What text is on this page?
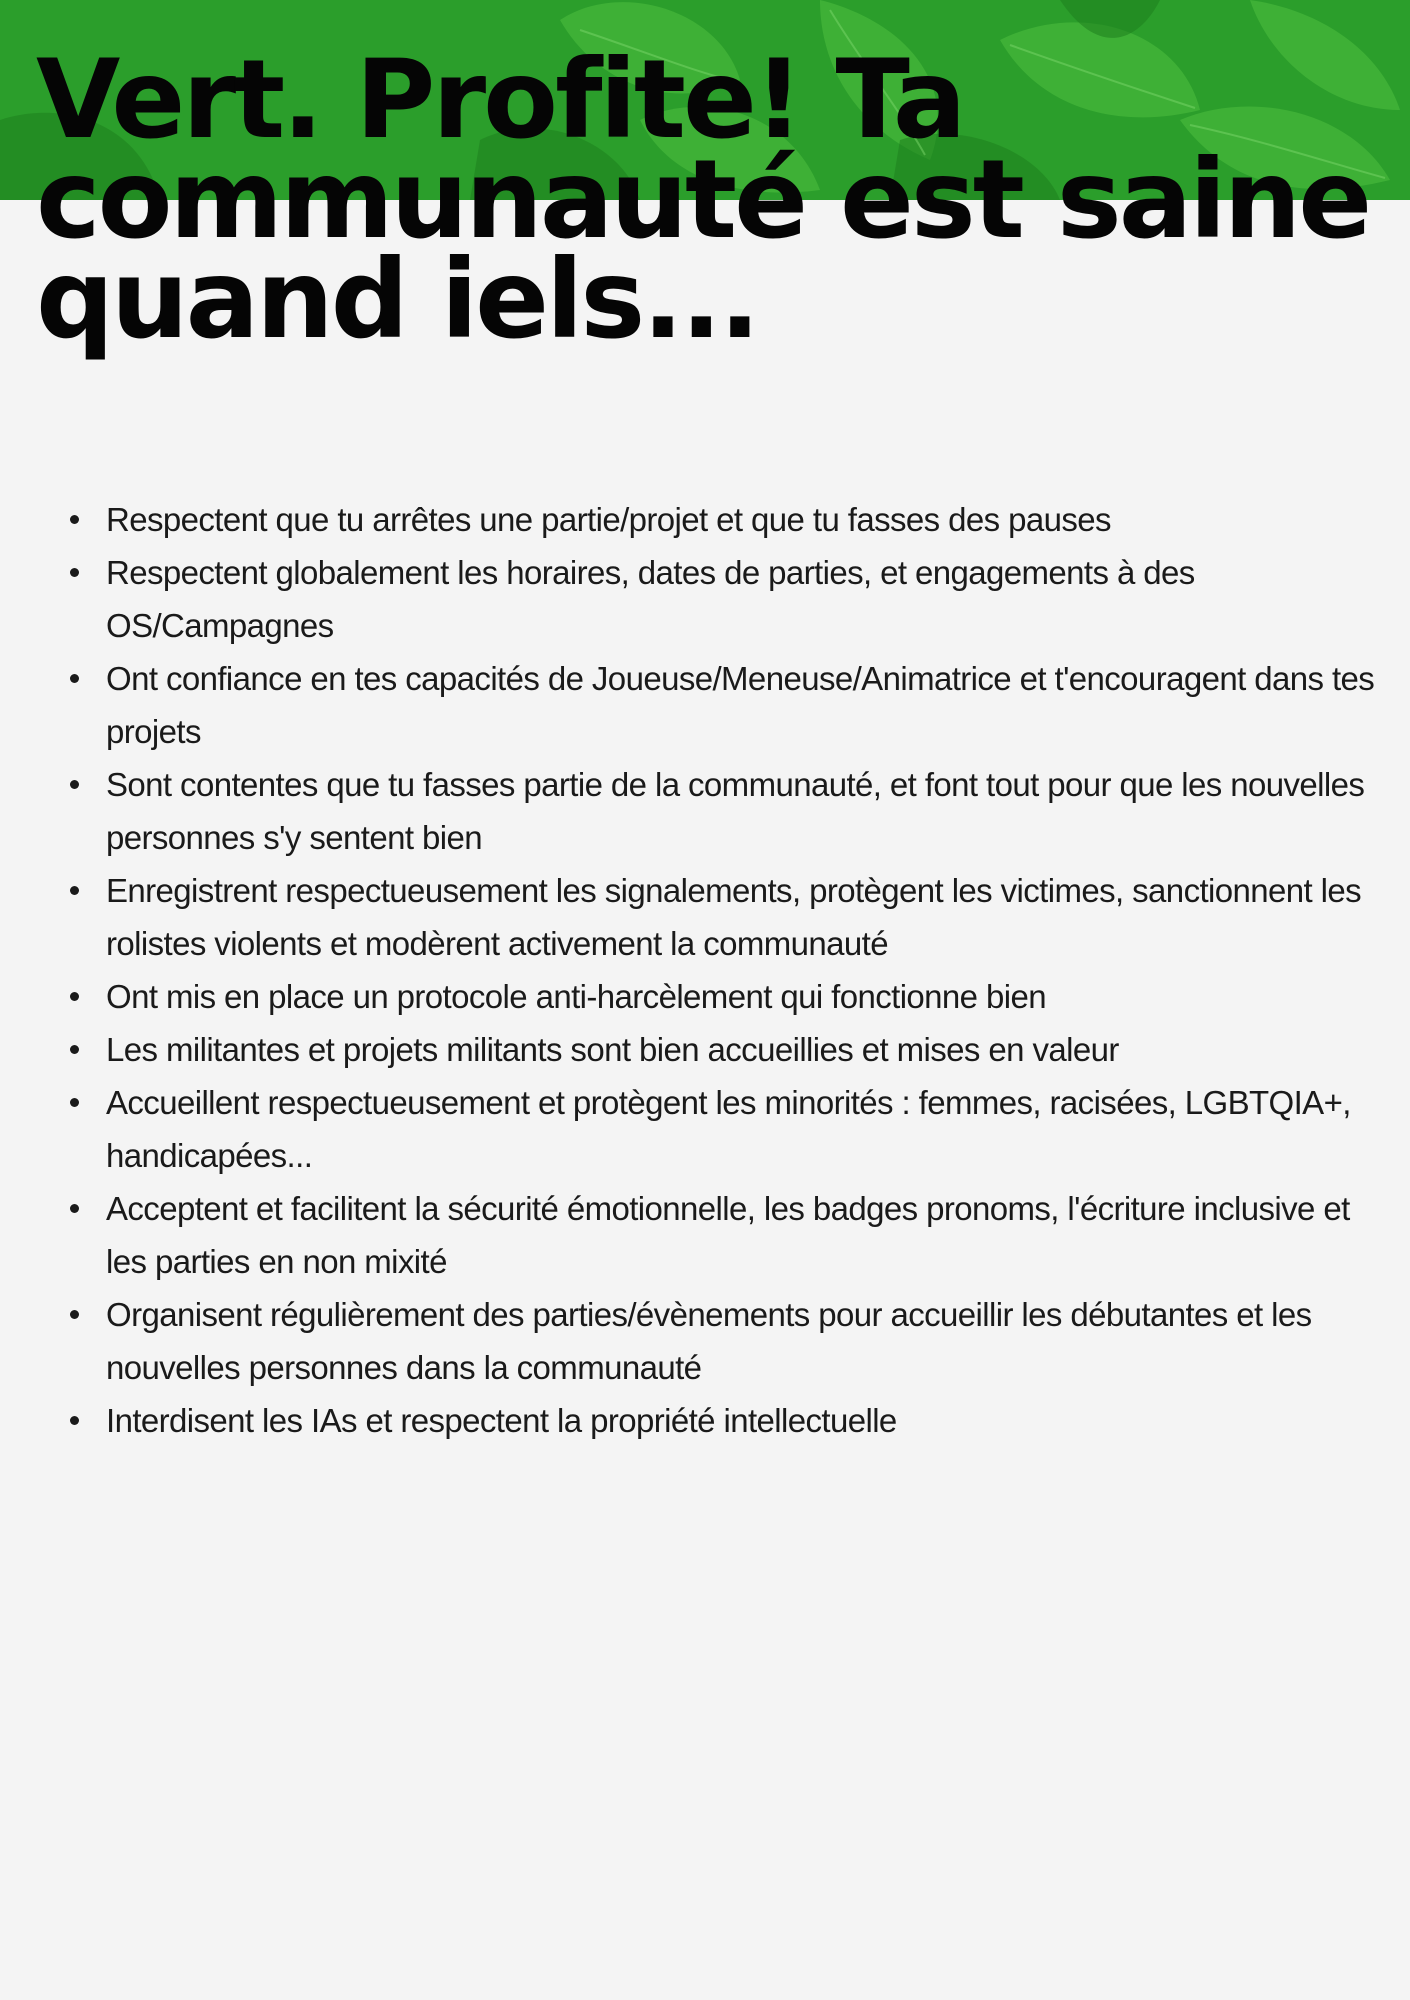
Vert. Profite! Ta
communauté est saine
quand iels...
Respectent que tu arrêtes une partie/projet et que tu fasses des pauses
Respectent globalement les horaires, dates de parties, et engagements à des OS/Campagnes
Ont confiance en tes capacités de Joueuse/Meneuse/Animatrice et t'encouragent dans tes projets
Sont contentes que tu fasses partie de la communauté, et font tout pour que les nouvelles personnes s'y sentent bien
Enregistrent respectueusement les signalements, protègent les victimes, sanctionnent les rolistes violents et modèrent activement la communauté
Ont mis en place un protocole anti-harcèlement qui fonctionne bien
Les militantes et projets militants sont bien accueillies et mises en valeur
Accueillent respectueusement et protègent les minorités : femmes, racisées, LGBTQIA+, handicapées...
Acceptent et facilitent la sécurité émotionnelle, les badges pronoms, l'écriture inclusive et les parties en non mixité
Organisent régulièrement des parties/évènements pour accueillir les débutantes et les nouvelles personnes dans la communauté
Interdisent les IAs et respectent la propriété intellectuelle
